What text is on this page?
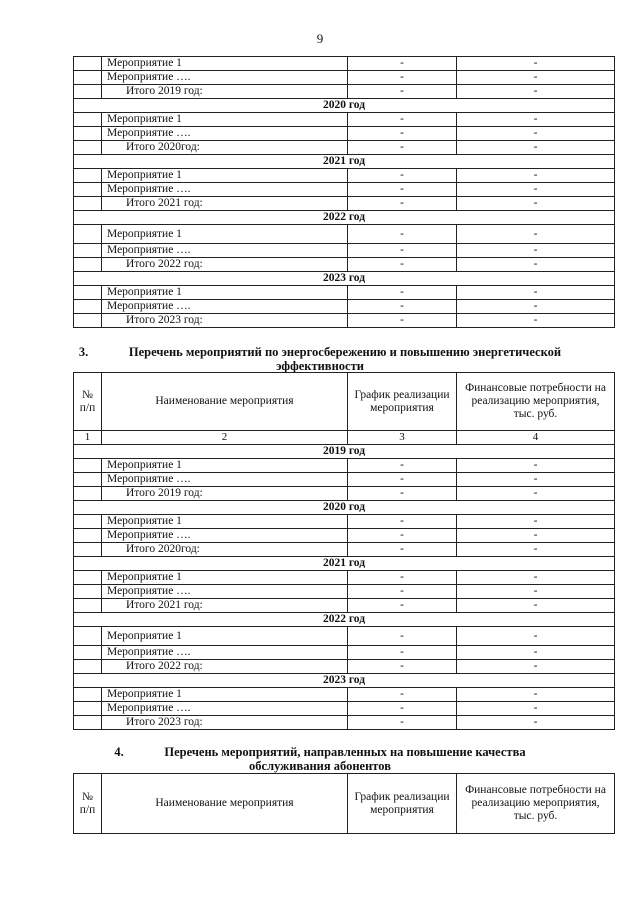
9
	Мероприятие 1	-	-
	Мероприятие ….	-	-
	Итого 2019 год:	-	-
2020 год			
	Мероприятие 1	-	-
	Мероприятие ….	-	-
	Итого 2020год:	-	-
2021 год			
	Мероприятие 1	-	-
	Мероприятие ….	-	-
	Итого 2021 год:	-	-
2022 год			
	Мероприятие 1	-	-
	Мероприятие ….	-	-
	Итого 2022 год:	-	-
2023 год			
	Мероприятие 1	-	-
	Мероприятие ….	-	-
	Итого 2023 год:	-	-
3.	Перечень мероприятий по энергосбережению и повышению энергетической
эффективности
№ п/п	Наименование мероприятия	График реализации мероприятия	Финансовые потребности на реализацию мероприятия, тыс. руб.
1	2	3	4
2019 год			
	Мероприятие 1	-	-
	Мероприятие ….	-	-
	Итого 2019 год:	-	-
2020 год			
	Мероприятие 1	-	-
	Мероприятие ….	-	-
	Итого 2020год:	-	-
2021 год			
	Мероприятие 1	-	-
	Мероприятие ….	-	-
	Итого 2021 год:	-	-
2022 год			
	Мероприятие 1	-	-
	Мероприятие ….	-	-
	Итого 2022 год:	-	-
2023 год			
	Мероприятие 1	-	-
	Мероприятие ….	-	-
	Итого 2023 год:	-	-
4.	Перечень мероприятий, направленных на повышение качества
обслуживания абонентов
№ п/п	Наименование мероприятия	График реализации мероприятия	Финансовые потребности на реализацию мероприятия, тыс. руб.
